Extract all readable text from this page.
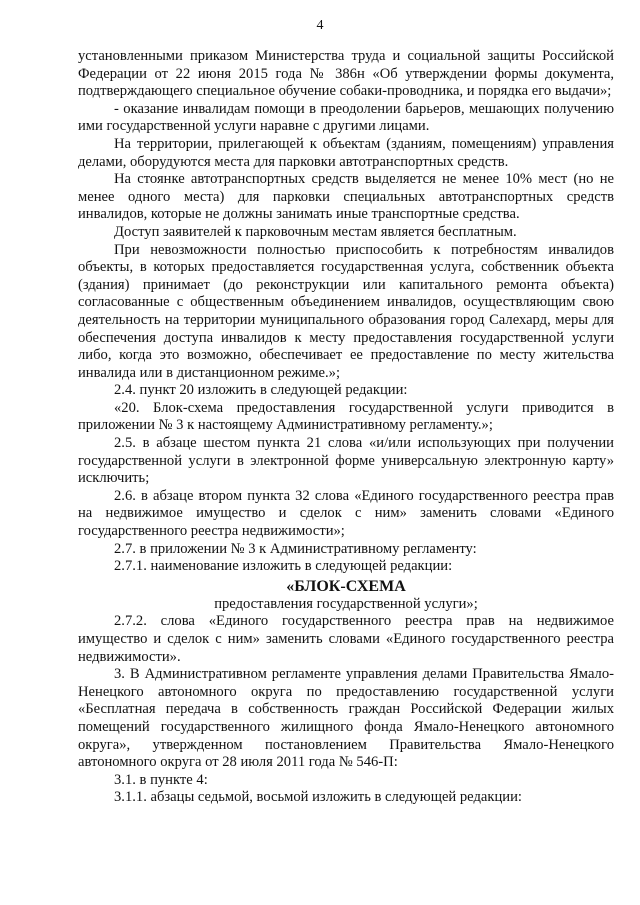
4

установленными приказом Министерства труда и социальной защиты Российской Федерации от 22 июня 2015 года № 386н «Об утверждении формы документа, подтверждающего специальное обучение собаки-проводника, и порядка его выдачи»;

- оказание инвалидам помощи в преодолении барьеров, мешающих получению ими государственной услуги наравне с другими лицами.

На территории, прилегающей к объектам (зданиям, помещениям) управления делами, оборудуются места для парковки автотранспортных средств.

На стоянке автотранспортных средств выделяется не менее 10% мест (но не менее одного места) для парковки специальных автотранспортных средств инвалидов, которые не должны занимать иные транспортные средства.

Доступ заявителей к парковочным местам является бесплатным.

При невозможности полностью приспособить к потребностям инвалидов объекты, в которых предоставляется государственная услуга, собственник объекта (здания) принимает (до реконструкции или капитального ремонта объекта) согласованные с общественным объединением инвалидов, осуществляющим свою деятельность на территории муниципального образования город Салехард, меры для обеспечения доступа инвалидов к месту предоставления государственной услуги либо, когда это возможно, обеспечивает ее предоставление по месту жительства инвалида или в дистанционном режиме.»;

2.4. пункт 20 изложить в следующей редакции:

«20. Блок-схема предоставления государственной услуги приводится в приложении № 3 к настоящему Административному регламенту.»;

2.5. в абзаце шестом пункта 21 слова «и/или использующих при получении государственной услуги в электронной форме универсальную электронную карту» исключить;

2.6. в абзаце втором пункта 32 слова «Единого государственного реестра прав на недвижимое имущество и сделок с ним» заменить словами «Единого государственного реестра недвижимости»;

2.7. в приложении № 3 к Административному регламенту:

2.7.1. наименование изложить в следующей редакции:

«БЛОК-СХЕМА

предоставления государственной услуги»;

2.7.2. слова «Единого государственного реестра прав на недвижимое имущество и сделок с ним» заменить словами «Единого государственного реестра недвижимости».

3. В Административном регламенте управления делами Правительства Ямало-Ненецкого автономного округа по предоставлению государственной услуги «Бесплатная передача в собственность граждан Российской Федерации жилых помещений государственного жилищного фонда Ямало-Ненецкого автономного округа», утвержденном постановлением Правительства Ямало-Ненецкого автономного округа от 28 июля 2011 года № 546-П:

3.1. в пункте 4:

3.1.1. абзацы седьмой, восьмой изложить в следующей редакции:
